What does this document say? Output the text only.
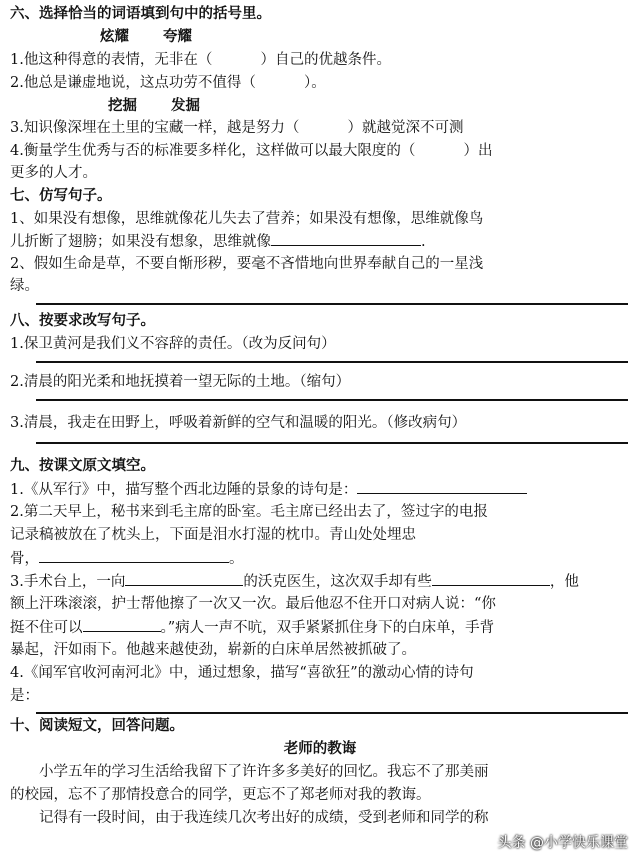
六、选择恰当的词语填到句中的括号里。
炫耀　　 夸耀
1.他这种得意的表情，无非在（　　　 ）自己的优越条件。
2.他总是谦虚地说，这点功劳不值得（　　　 ）。
挖掘　　 发掘
3.知识像深埋在土里的宝藏一样，越是努力（　　　 ）就越觉深不可测
4.衡量学生优秀与否的标准要多样化，这样做可以最大限度的（　　　 ）出
更多的人才。
七、仿写句子。
1、如果没有想像，思维就像花儿失去了营养；如果没有想像，思维就像鸟
儿折断了翅膀；如果没有想象，思维就像	.
2、假如生命是草，不要自惭形秽，要毫不吝惜地向世界奉献自己的一星浅
绿。
八、按要求改写句子。
1.保卫黄河是我们义不容辞的责任。（改为反问句）
2.清晨的阳光柔和地抚摸着一望无际的土地。（缩句）
3.清晨，我走在田野上，呼吸着新鲜的空气和温暖的阳光。（修改病句）
九、按课文原文填空。
1.《从军行》中，描写整个西北边陲的景象的诗句是：
2.第二天早上，秘书来到毛主席的卧室。毛主席已经出去了，签过字的电报
记录稿被放在了枕头上，下面是泪水打湿的枕巾。青山处处埋忠
骨，	。
3.手术台上，一向	的沃克医生，这次双手却有些	，他
额上汗珠滚滚，护士帮他擦了一次又一次。最后他忍不住开口对病人说：“你
挺不住可以	。”病人一声不吭，双手紧紧抓住身下的白床单，手背
暴起，汗如雨下。他越来越使劲，崭新的白床单居然被抓破了。
4.《闻军官收河南河北》中，通过想象，描写“喜欲狂”的激动心情的诗句
是：
十、阅读短文，回答问题。
老师的教诲
　　小学五年的学习生活给我留下了许许多多美好的回忆。我忘不了那美丽
的校园，忘不了那情投意合的同学，更忘不了郑老师对我的教诲。
　　记得有一段时间，由于我连续几次考出好的成绩，受到老师和同学的称
头条 @小学快乐课堂
